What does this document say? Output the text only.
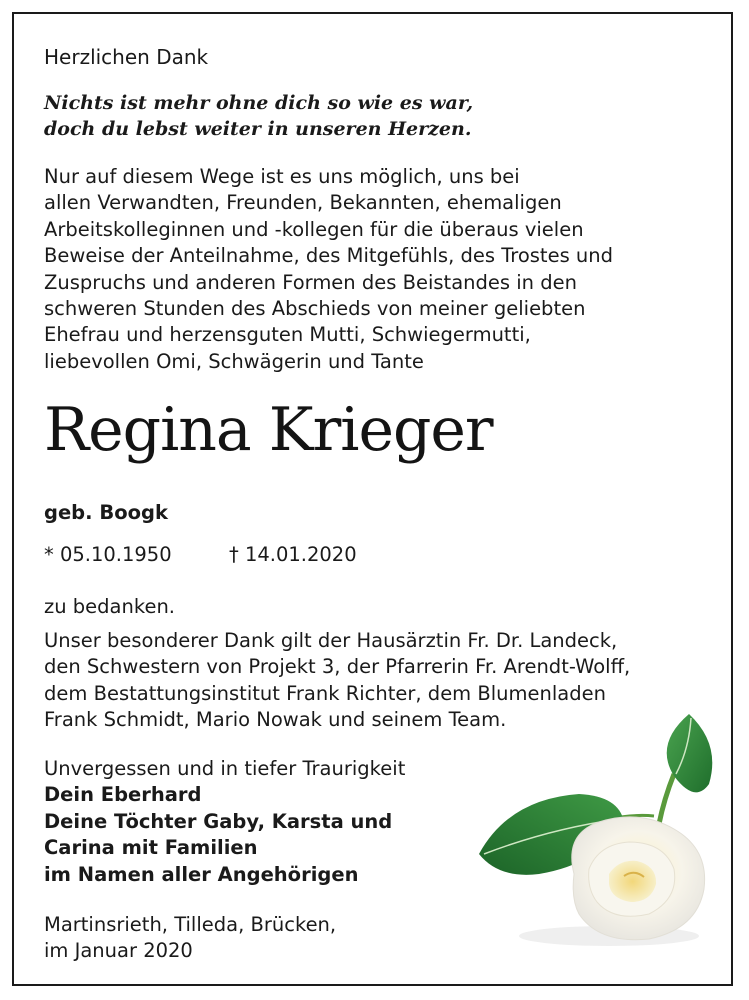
Herzlichen Dank

Nichts ist mehr ohne dich so wie es war,

doch du lebst weiter in unseren Herzen.

Nur auf diesem Wege ist es uns möglich, uns bei

allen Verwandten, Freunden, Bekannten, ehemaligen

Arbeitskolleginnen und -kollegen für die überaus vielen

Beweise der Anteilnahme, des Mitgefühls, des Trostes und

Zuspruchs und anderen Formen des Beistandes in den

schweren Stunden des Abschieds von meiner geliebten

Ehefrau und herzensguten Mutti, Schwiegermutti,

liebevollen Omi, Schwägerin und Tante

Regina Krieger

geb. Boogk

* 05.10.1950	† 14.01.2020

zu bedanken.

Unser besonderer Dank gilt der Hausärztin Fr. Dr. Landeck,

den Schwestern von Projekt 3, der Pfarrerin Fr. Arendt-Wolff,

dem Bestattungsinstitut Frank Richter, dem Blumenladen

Frank Schmidt, Mario Nowak und seinem Team.

Unvergessen und in tiefer Traurigkeit

Dein Eberhard

Deine Töchter Gaby, Karsta und

Carina mit Familien

im Namen aller Angehörigen

Martinsrieth, Tilleda, Brücken,

im Januar 2020
